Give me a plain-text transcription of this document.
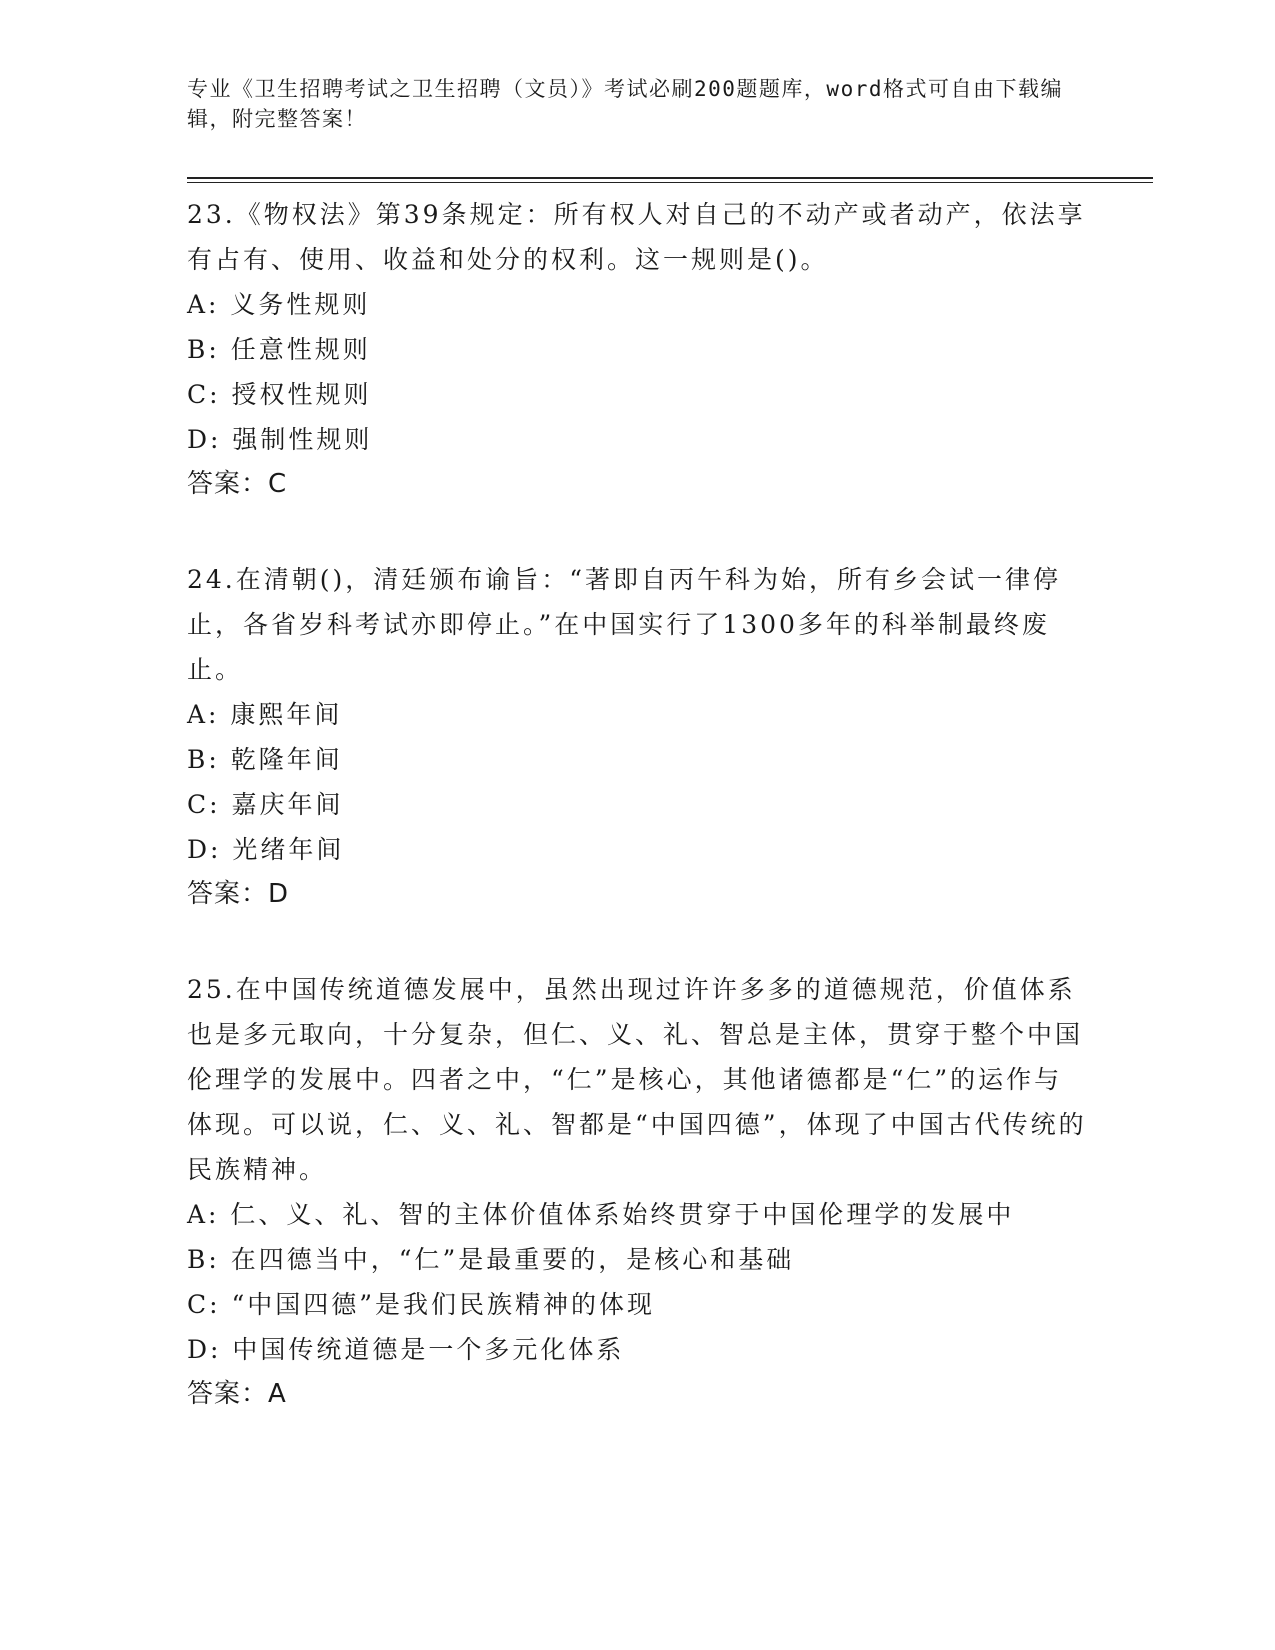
专业《卫生招聘考试之卫生招聘（文员）》考试必刷200题题库，word格式可自由下载编辑，附完整答案！

23.《物权法》第39条规定：所有权人对自己的不动产或者动产，依法享有占有、使用、收益和处分的权利。这一规则是()。

A: 义务性规则

B: 任意性规则

C: 授权性规则

D: 强制性规则

答案：C

24.在清朝()，清廷颁布谕旨：“著即自丙午科为始，所有乡会试一律停止，各省岁科考试亦即停止。”在中国实行了1300多年的科举制最终废止。

A: 康熙年间

B: 乾隆年间

C: 嘉庆年间

D: 光绪年间

答案：D

25.在中国传统道德发展中，虽然出现过许许多多的道德规范，价值体系也是多元取向，十分复杂，但仁、义、礼、智总是主体，贯穿于整个中国伦理学的发展中。四者之中，“仁”是核心，其他诸德都是“仁”的运作与体现。可以说，仁、义、礼、智都是“中国四德”，体现了中国古代传统的民族精神。

A: 仁、义、礼、智的主体价值体系始终贯穿于中国伦理学的发展中

B: 在四德当中，“仁”是最重要的，是核心和基础

C: “中国四德”是我们民族精神的体现

D: 中国传统道德是一个多元化体系

答案：A
